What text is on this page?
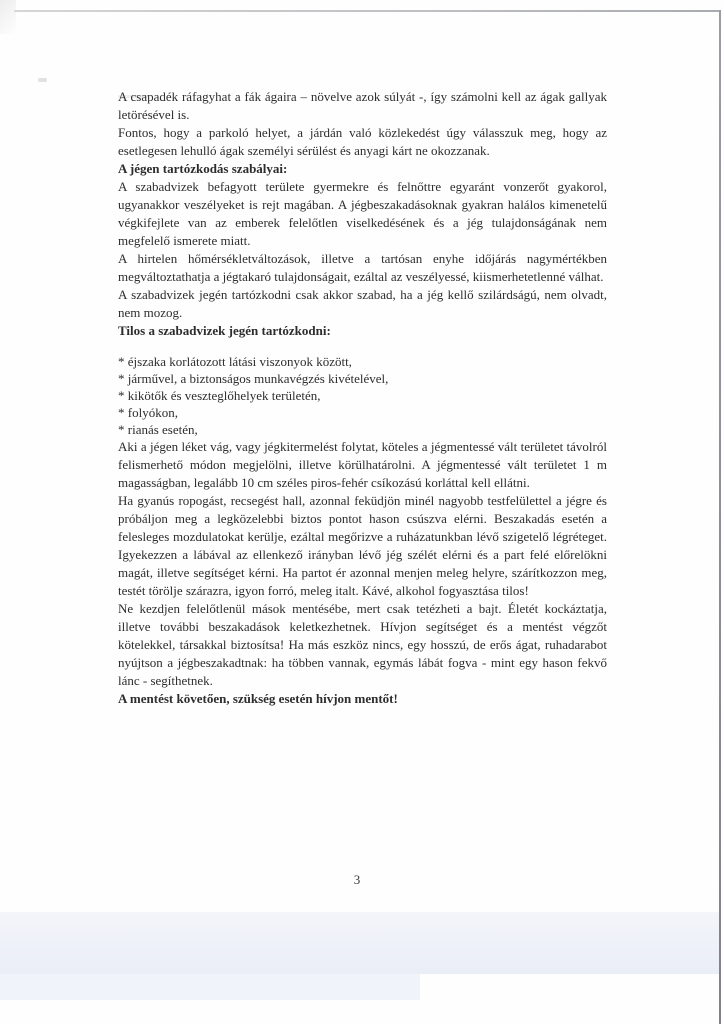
A csapadék ráfagyhat a fák ágaira – növelve azok súlyát -, így számolni kell az ágak gallyak letörésével is.

Fontos, hogy a parkoló helyet, a járdán való közlekedést úgy válasszuk meg, hogy az esetlegesen lehulló ágak személyi sérülést és anyagi kárt ne okozzanak.

A jégen tartózkodás szabályai:

A szabadvizek befagyott területe gyermekre és felnőttre egyaránt vonzerőt gyakorol, ugyanakkor veszélyeket is rejt magában. A jégbeszakadásoknak gyakran halálos kimenetelű végkifejlete van az emberek felelőtlen viselkedésének és a jég tulajdonságának nem megfelelő ismerete miatt.

A hirtelen hőmérsékletváltozások, illetve a tartósan enyhe időjárás nagymértékben megváltoztathatja a jégtakaró tulajdonságait, ezáltal az veszélyessé, kiismerhetetlenné válhat.

A szabadvizek jegén tartózkodni csak akkor szabad, ha a jég kellő szilárdságú, nem olvadt, nem mozog.

Tilos a szabadvizek jegén tartózkodni:

* éjszaka korlátozott látási viszonyok között,
* járművel, a biztonságos munkavégzés kivételével,
* kikötők és veszteglőhelyek területén,
* folyókon,
* rianás esetén,

Aki a jégen léket vág, vagy jégkitermelést folytat, köteles a jégmentessé vált területet távolról felismerhető módon megjelölni, illetve körülhatárolni. A jégmentessé vált területet 1 m magasságban, legalább 10 cm széles piros-fehér csíkozású korláttal kell ellátni.

Ha gyanús ropogást, recsegést hall, azonnal feküdjön minél nagyobb testfelülettel a jégre és próbáljon meg a legközelebbi biztos pontot hason csúszva elérni. Beszakadás esetén a felesleges mozdulatokat kerülje, ezáltal megőrizve a ruházatunkban lévő szigetelő légréteget. Igyekezzen a lábával az ellenkező irányban lévő jég szélét elérni és a part felé előrelökni magát, illetve segítséget kérni. Ha partot ér azonnal menjen meleg helyre, szárítkozzon meg, testét törölje szárazra, igyon forró, meleg italt. Kávé, alkohol fogyasztása tilos!

Ne kezdjen felelőtlenül mások mentésébe, mert csak tetézheti a bajt. Életét kockáztatja, illetve további beszakadások keletkezhetnek. Hívjon segítséget és a mentést végzőt kötelekkel, társakkal biztosítsa! Ha más eszköz nincs, egy hosszú, de erős ágat, ruhadarabot nyújtson a jégbeszakadtnak: ha többen vannak, egymás lábát fogva - mint egy hason fekvő lánc - segíthetnek.

A mentést követően, szükség esetén hívjon mentőt!

3
